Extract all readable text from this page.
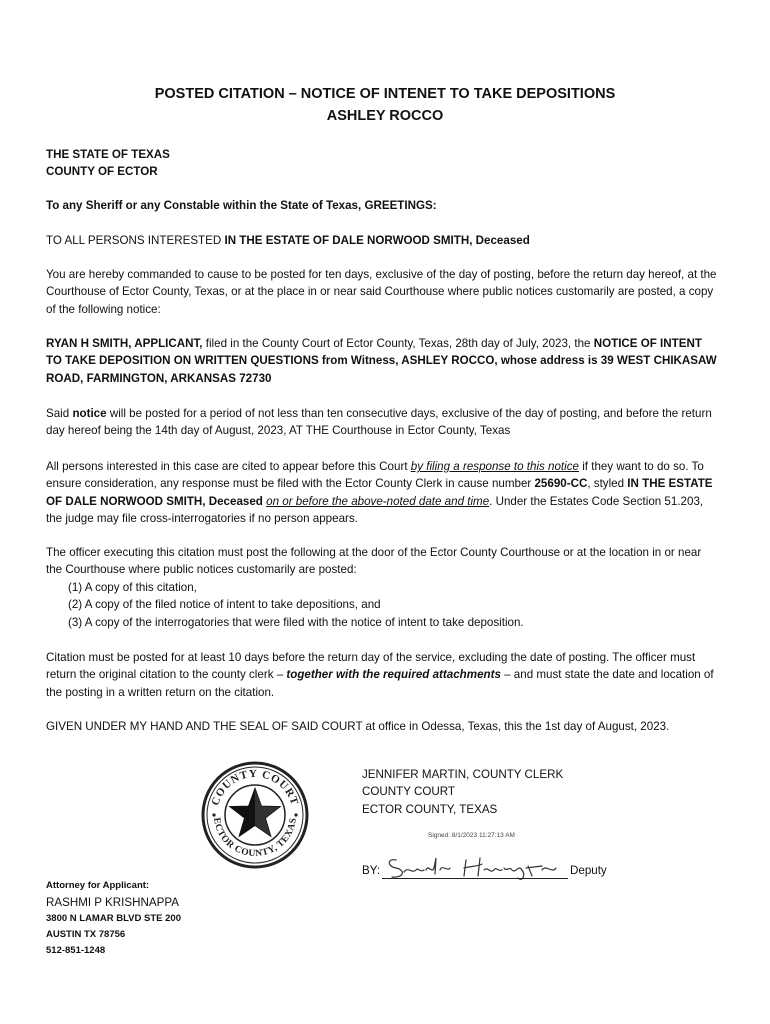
POSTED CITATION – NOTICE OF INTENET TO TAKE DEPOSITIONS
ASHLEY ROCCO
THE STATE OF TEXAS
COUNTY OF ECTOR
To any Sheriff or any Constable within the State of Texas, GREETINGS:
TO ALL PERSONS INTERESTED IN THE ESTATE OF DALE NORWOOD SMITH, Deceased
You are hereby commanded to cause to be posted for ten days, exclusive of the day of posting, before the return day hereof, at the Courthouse of Ector County, Texas, or at the place in or near said Courthouse where public notices customarily are posted, a copy of the following notice:
RYAN H SMITH, APPLICANT, filed in the County Court of Ector County, Texas, 28th day of July, 2023, the NOTICE OF INTENT TO TAKE DEPOSITION ON WRITTEN QUESTIONS from Witness, ASHLEY ROCCO, whose address is 39 WEST CHIKASAW ROAD, FARMINGTON, ARKANSAS 72730
Said notice will be posted for a period of not less than ten consecutive days, exclusive of the day of posting, and before the return day hereof being the 14th day of August, 2023, AT THE Courthouse in Ector County, Texas
All persons interested in this case are cited to appear before this Court by filing a response to this notice if they want to do so. To ensure consideration, any response must be filed with the Ector County Clerk in cause number 25690-CC, styled IN THE ESTATE OF DALE NORWOOD SMITH, Deceased on or before the above-noted date and time. Under the Estates Code Section 51.203, the judge may file cross-interrogatories if no person appears.
The officer executing this citation must post the following at the door of the Ector County Courthouse or at the location in or near the Courthouse where public notices customarily are posted:
(1) A copy of this citation,
(2) A copy of the filed notice of intent to take depositions, and
(3) A copy of the interrogatories that were filed with the notice of intent to take deposition.
Citation must be posted for at least 10 days before the return day of the service, excluding the date of posting. The officer must return the original citation to the county clerk – together with the required attachments – and must state the date and location of the posting in a written return on the citation.
GIVEN UNDER MY HAND AND THE SEAL OF SAID COURT at office in Odessa, Texas, this the 1st day of August, 2023.
COUNTY COURT
ECTOR COUNTY, TEXAS
JENNIFER MARTIN, COUNTY CLERK
COUNTY COURT
ECTOR COUNTY, TEXAS
Signed: 8/1/2023 11:27:13 AM
BY:	Deputy
Attorney for Applicant:
RASHMI P KRISHNAPPA
3800 N LAMAR BLVD STE 200
AUSTIN TX 78756
512-851-1248
